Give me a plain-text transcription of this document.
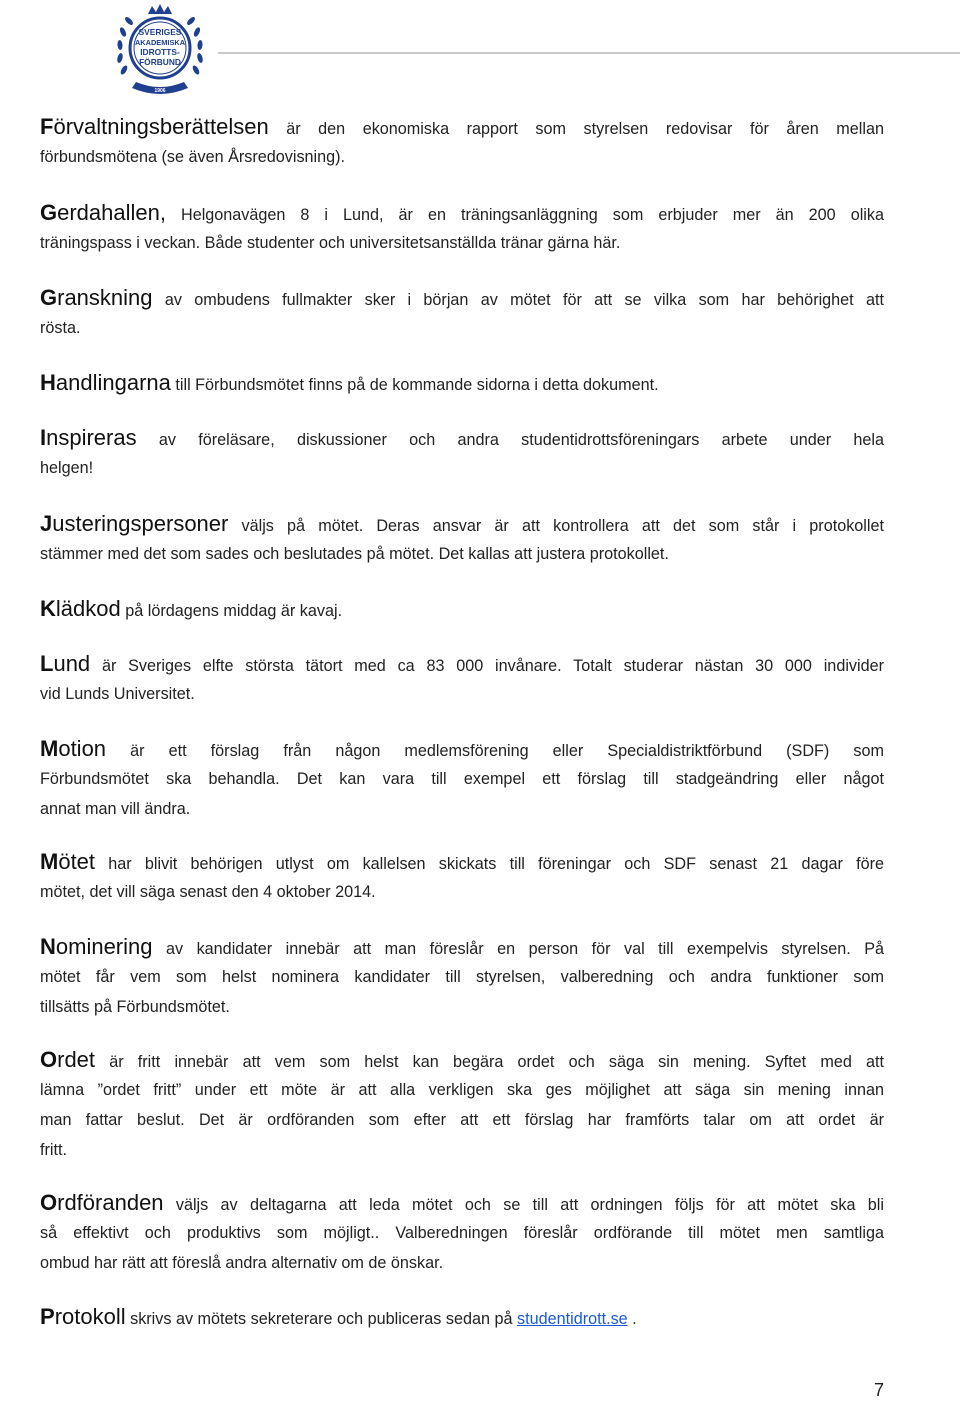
SVERIGES
AKADEMISKA
IDROTTS-
FÖRBUND
1906
Förvaltningsberättelsen är den ekonomiska rapport som styrelsen redovisar för åren mellan
förbundsmötena (se även Årsredovisning).
Gerdahallen, Helgonavägen 8 i Lund, är en träningsanläggning som erbjuder mer än 200 olika
träningspass i veckan. Både studenter och universitetsanställda tränar gärna här.
Granskning av ombudens fullmakter sker i början av mötet för att se vilka som har behörighet att
rösta.
Handlingarna till Förbundsmötet finns på de kommande sidorna i detta dokument.
Inspireras av föreläsare, diskussioner och andra studentidrottsföreningars arbete under hela
helgen!
Justeringspersoner väljs på mötet. Deras ansvar är att kontrollera att det som står i protokollet
stämmer med det som sades och beslutades på mötet. Det kallas att justera protokollet.
Klädkod på lördagens middag är kavaj.
Lund är Sveriges elfte största tätort med ca 83 000 invånare. Totalt studerar nästan 30 000 individer
vid Lunds Universitet.
Motion är ett förslag från någon medlemsförening eller Specialdistriktförbund (SDF) som
Förbundsmötet ska behandla. Det kan vara till exempel ett förslag till stadgeändring eller något
annat man vill ändra.
Mötet har blivit behörigen utlyst om kallelsen skickats till föreningar och SDF senast 21 dagar före
mötet, det vill säga senast den 4 oktober 2014.
Nominering av kandidater innebär att man föreslår en person för val till exempelvis styrelsen. På
mötet får vem som helst nominera kandidater till styrelsen, valberedning och andra funktioner som
tillsätts på Förbundsmötet.
Ordet är fritt innebär att vem som helst kan begära ordet och säga sin mening. Syftet med att
lämna ”ordet fritt” under ett möte är att alla verkligen ska ges möjlighet att säga sin mening innan
man fattar beslut. Det är ordföranden som efter att ett förslag har framförts talar om att ordet är
fritt.
Ordföranden väljs av deltagarna att leda mötet och se till att ordningen följs för att mötet ska bli
så effektivt och produktivs som möjligt.. Valberedningen föreslår ordförande till mötet men samtliga
ombud har rätt att föreslå andra alternativ om de önskar.
Protokoll skrivs av mötets sekreterare och publiceras sedan på studentidrott.se .
7
